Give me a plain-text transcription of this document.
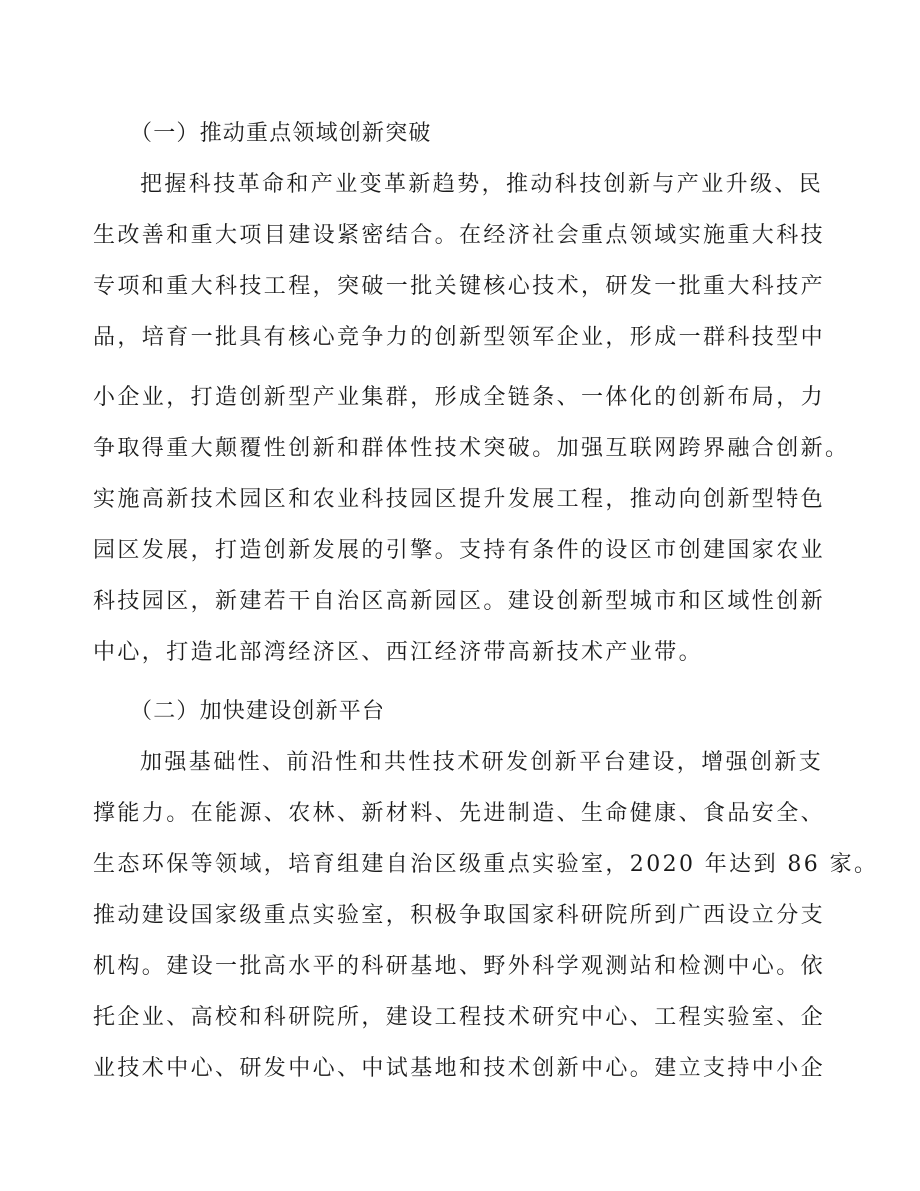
（一）推动重点领域创新突破
把握科技革命和产业变革新趋势，推动科技创新与产业升级、民
生改善和重大项目建设紧密结合。在经济社会重点领域实施重大科技
专项和重大科技工程，突破一批关键核心技术，研发一批重大科技产
品，培育一批具有核心竞争力的创新型领军企业，形成一群科技型中
小企业，打造创新型产业集群，形成全链条、一体化的创新布局，力
争取得重大颠覆性创新和群体性技术突破。加强互联网跨界融合创新。
实施高新技术园区和农业科技园区提升发展工程，推动向创新型特色
园区发展，打造创新发展的引擎。支持有条件的设区市创建国家农业
科技园区，新建若干自治区高新园区。建设创新型城市和区域性创新
中心，打造北部湾经济区、西江经济带高新技术产业带。
（二）加快建设创新平台
加强基础性、前沿性和共性技术研发创新平台建设，增强创新支
撑能力。在能源、农林、新材料、先进制造、生命健康、食品安全、
生态环保等领域，培育组建自治区级重点实验室，2020 年达到 86 家。
推动建设国家级重点实验室，积极争取国家科研院所到广西设立分支
机构。建设一批高水平的科研基地、野外科学观测站和检测中心。依
托企业、高校和科研院所，建设工程技术研究中心、工程实验室、企
业技术中心、研发中心、中试基地和技术创新中心。建立支持中小企
